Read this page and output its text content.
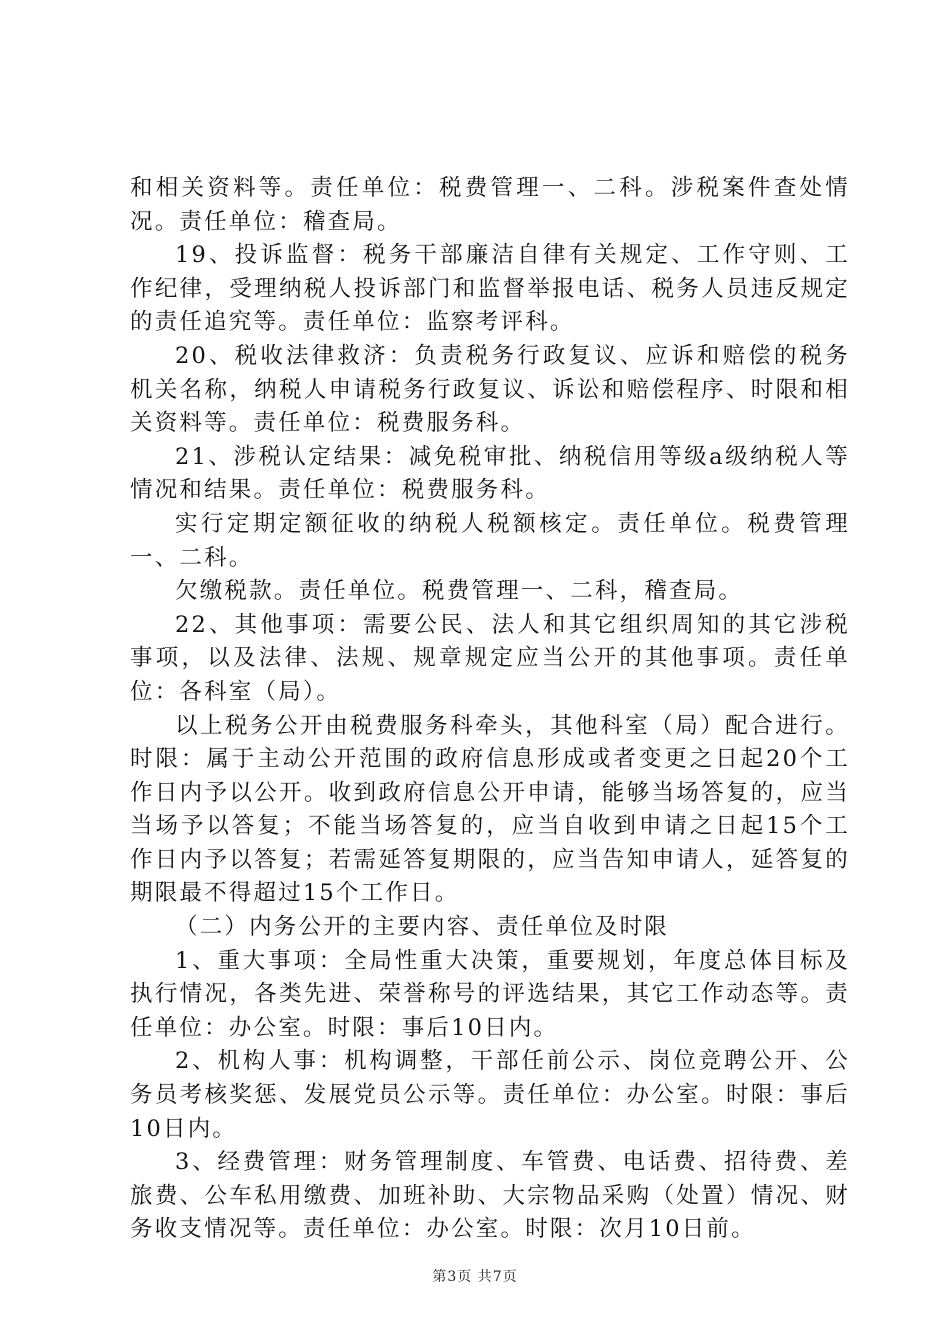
和相关资料等。责任单位：税费管理一、二科。涉税案件查处情况。责任单位：稽查局。

19、投诉监督：税务干部廉洁自律有关规定、工作守则、工作纪律，受理纳税人投诉部门和监督举报电话、税务人员违反规定的责任追究等。责任单位：监察考评科。

20、税收法律救济：负责税务行政复议、应诉和赔偿的税务机关名称，纳税人申请税务行政复议、诉讼和赔偿程序、时限和相关资料等。责任单位：税费服务科。

21、涉税认定结果：减免税审批、纳税信用等级a级纳税人等情况和结果。责任单位：税费服务科。

实行定期定额征收的纳税人税额核定。责任单位。税费管理一、二科。

欠缴税款。责任单位。税费管理一、二科，稽查局。

22、其他事项：需要公民、法人和其它组织周知的其它涉税事项，以及法律、法规、规章规定应当公开的其他事项。责任单位：各科室（局）。

以上税务公开由税费服务科牵头，其他科室（局）配合进行。时限：属于主动公开范围的政府信息形成或者变更之日起20个工作日内予以公开。收到政府信息公开申请，能够当场答复的，应当当场予以答复；不能当场答复的，应当自收到申请之日起15个工作日内予以答复；若需延答复期限的，应当告知申请人，延答复的期限最不得超过15个工作日。

（二）内务公开的主要内容、责任单位及时限

1、重大事项：全局性重大决策，重要规划，年度总体目标及执行情况，各类先进、荣誉称号的评选结果，其它工作动态等。责任单位：办公室。时限：事后10日内。

2、机构人事：机构调整，干部任前公示、岗位竞聘公开、公务员考核奖惩、发展党员公示等。责任单位：办公室。时限：事后10日内。

3、经费管理：财务管理制度、车管费、电话费、招待费、差旅费、公车私用缴费、加班补助、大宗物品采购（处置）情况、财务收支情况等。责任单位：办公室。时限：次月10日前。

第3页 共7页
